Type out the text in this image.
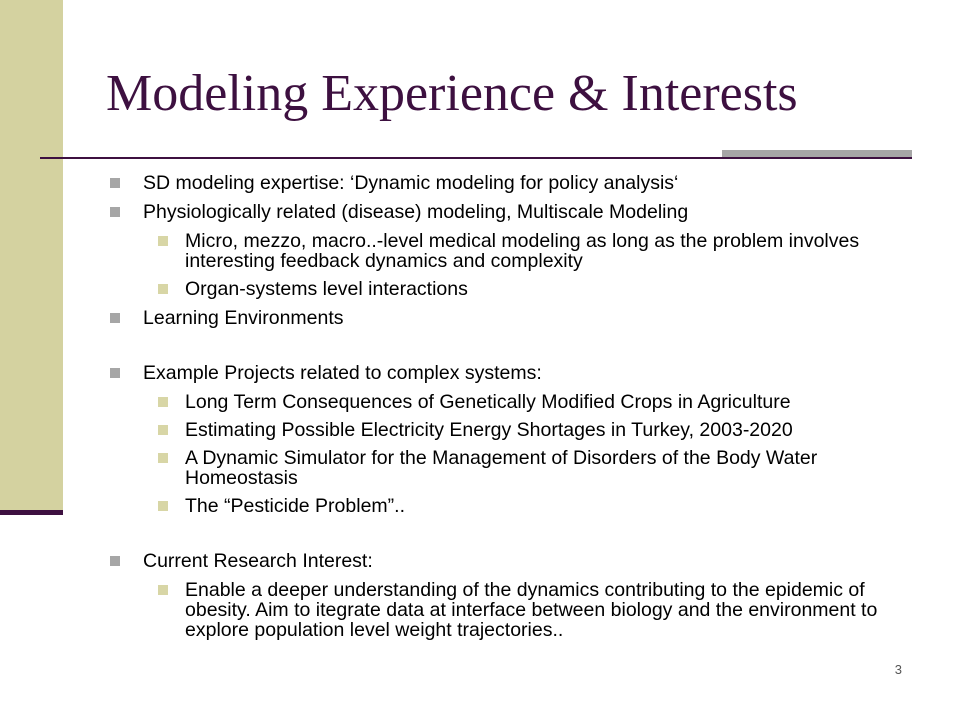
Modeling Experience & Interests
SD modeling expertise: ‘Dynamic modeling for policy analysis‘
Physiologically related (disease) modeling, Multiscale Modeling
Micro, mezzo, macro..-level medical modeling as long as the problem involves interesting feedback dynamics and complexity
Organ-systems level interactions
Learning Environments
Example Projects related to complex systems:
Long Term Consequences of Genetically Modified Crops in Agriculture
Estimating Possible Electricity Energy Shortages in Turkey, 2003-2020
A Dynamic Simulator for the Management of Disorders of the Body Water Homeostasis
The “Pesticide Problem”..
Current Research Interest:
Enable a deeper understanding of the dynamics contributing to the epidemic of obesity. Aim to itegrate data at interface between biology and the environment to explore population level weight trajectories..
3
